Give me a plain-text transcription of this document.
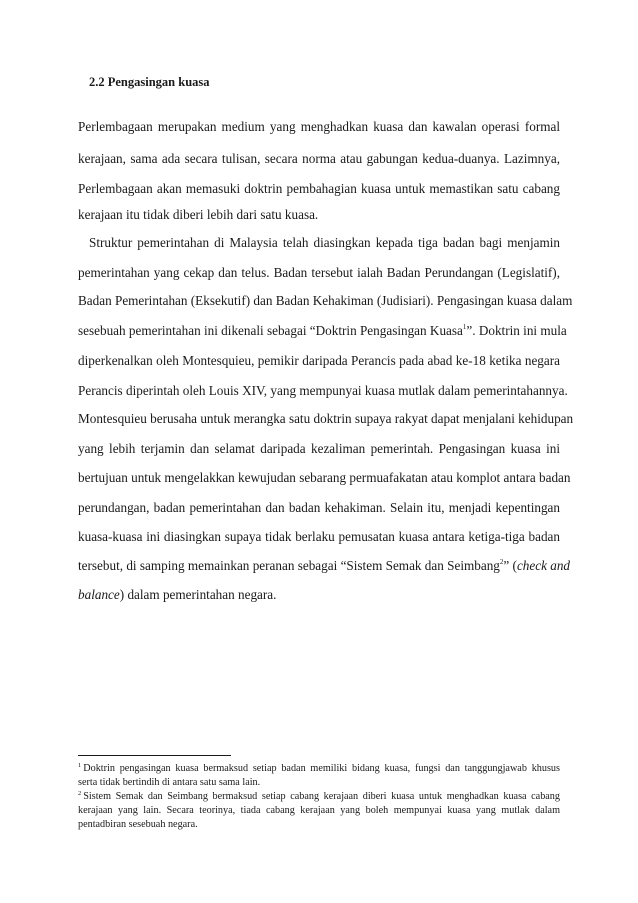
2.2 Pengasingan kuasa
Perlembagaan merupakan medium yang menghadkan kuasa dan kawalan operasi formal
kerajaan, sama ada secara tulisan, secara norma atau gabungan kedua-duanya. Lazimnya,
Perlembagaan akan memasuki doktrin pembahagian kuasa untuk memastikan satu cabang
kerajaan itu tidak diberi lebih dari satu kuasa.
Struktur pemerintahan di Malaysia telah diasingkan kepada tiga badan bagi menjamin
pemerintahan yang cekap dan telus. Badan tersebut ialah Badan Perundangan (Legislatif),
Badan Pemerintahan (Eksekutif) dan Badan Kehakiman (Judisiari). Pengasingan kuasa dalam
sesebuah pemerintahan ini dikenali sebagai “Doktrin Pengasingan Kuasa$^1$”. Doktrin ini mula
diperkenalkan oleh Montesquieu, pemikir daripada Perancis pada abad ke-18 ketika negara
Perancis diperintah oleh Louis XIV, yang mempunyai kuasa mutlak dalam pemerintahannya.
Montesquieu berusaha untuk merangka satu doktrin supaya rakyat dapat menjalani kehidupan
yang lebih terjamin dan selamat daripada kezaliman pemerintah. Pengasingan kuasa ini
bertujuan untuk mengelakkan kewujudan sebarang permuafakatan atau komplot antara badan
perundangan, badan pemerintahan dan badan kehakiman. Selain itu, menjadi kepentingan
kuasa-kuasa ini diasingkan supaya tidak berlaku pemusatan kuasa antara ketiga-tiga badan
tersebut, di samping memainkan peranan sebagai “Sistem Semak dan Seimbang$^2$” (check and
balance) dalam pemerintahan negara.
$^1$ Doktrin pengasingan kuasa bermaksud setiap badan memiliki bidang kuasa, fungsi dan tanggungjawab khusus
serta tidak bertindih di antara satu sama lain.
$^2$ Sistem Semak dan Seimbang bermaksud setiap cabang kerajaan diberi kuasa untuk menghadkan kuasa cabang
kerajaan yang lain. Secara teorinya, tiada cabang kerajaan yang boleh mempunyai kuasa yang mutlak dalam
pentadbiran sesebuah negara.
